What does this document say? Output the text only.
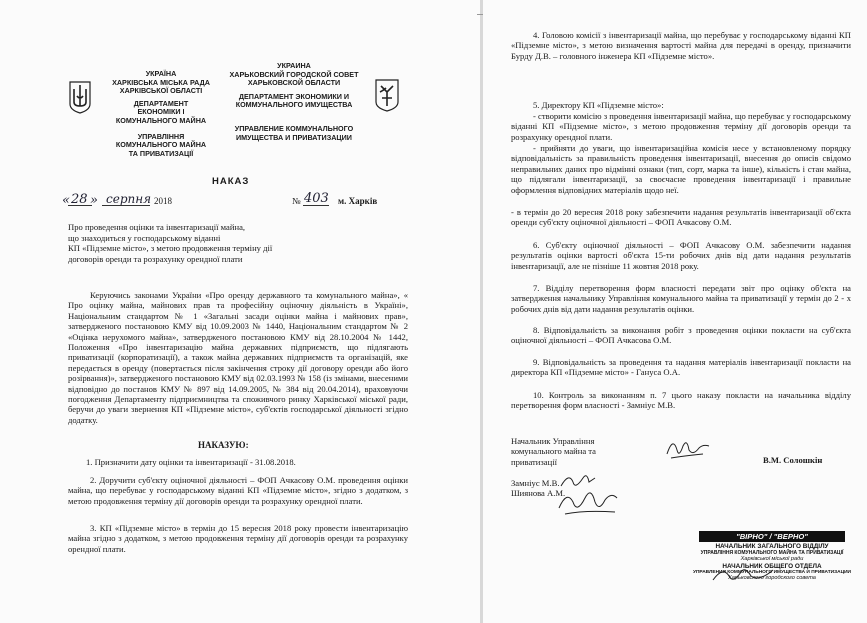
УКРАЇНА
ХАРКІВСЬКА МІСЬКА РАДА
ХАРКІВСЬКОЇ ОБЛАСТІ
ДЕПАРТАМЕНТ
ЕКОНОМІКИ І
КОМУНАЛЬНОГО МАЙНА
УПРАВЛІННЯ
КОМУНАЛЬНОГО МАЙНА
ТА ПРИВАТИЗАЦІЇ
УКРАИНА
ХАРЬКОВСКИЙ ГОРОДСКОЙ СОВЕТ
ХАРЬКОВСКОЙ ОБЛАСТИ
ДЕПАРТАМЕНТ ЭКОНОМИКИ И
КОММУНАЛЬНОГО ИМУЩЕСТВА
УПРАВЛЕНИЕ КОММУНАЛЬНОГО
ИМУЩЕСТВА И ПРИВАТИЗАЦИИ
НАКАЗ
« 28 » серпня 2018	№ 403 м. Харків
Про проведення оцінки та інвентаризації майна,
що знаходиться у господарському віданні
КП «Підземне місто», з метою продовження терміну дії
договорів оренди та розрахунку орендної плати
Керуючись законами України «Про оренду державного та комунального майна», « Про оцінку майна, майнових прав та професійну оціночну діяльність в Україні», Національним стандартом № 1 «Загальні засади оцінки майна і майнових прав», затвердженого постановою КМУ від 10.09.2003 № 1440, Національним стандартом № 2 «Оцінка нерухомого майна», затвердженого постановою КМУ від 28.10.2004 № 1442, Положення «Про інвентаризацію майна державних підприємств, що підлягають приватизації (корпоратизації), а також майна державних підприємств та організацій, яке передається в оренду (повертається після закінчення строку дії договору оренди або його розірвання)», затвердженого постановою КМУ від 02.03.1993 № 158 (із змінами, внесеними відповідно до постанов КМУ № 897 від 14.09.2005, № 384 від 20.04.2014), враховуючи погодження Департаменту підприємництва та споживчого ринку Харківської міської ради, беручи до уваги звернення КП «Підземне місто», суб'єктів господарської діяльності згідно додатку.
НАКАЗУЮ:
1. Призначити дату оцінки та інвентаризації - 31.08.2018.
2. Доручити суб'єкту оціночної діяльності – ФОП Ачкасову О.М. проведення оцінки майна, що перебуває у господарському віданні КП «Підземне місто», згідно з додатком, з метою продовження терміну дії договорів оренди та розрахунку орендної плати.
3. КП «Підземне місто» в термін до 15 вересня 2018 року провести інвентаризацію майна згідно з додатком, з метою продовження терміну дії договорів оренди та розрахунку орендної плати.
4. Головою комісії з інвентаризації майна, що перебуває у господарському віданні КП «Підземне місто», з метою визначення вартості майна для передачі в оренду, призначити Бурду Д.В. – головного інженера КП «Підземне місто».
5. Директору КП «Підземне місто»:
- створити комісію з проведення інвентаризації майна, що перебуває у господарському віданні КП «Підземне місто», з метою продовження терміну дії договорів оренди та розрахунку орендної плати.
- прийняти до уваги, що інвентаризаційна комісія несе у встановленому порядку відповідальність за правильність проведення інвентаризації, внесення до описів свідомо неправильних даних про відмінні ознаки (тип, сорт, марка та інше), кількість і стан майна, що підлягали інвентаризації, за своєчасне проведення інвентаризації і правильне оформлення відповідних матеріалів щодо неї.
- в термін до 20 вересня 2018 року забезпечити надання результатів інвентаризації об'єкта оренди суб'єкту оціночної діяльності – ФОП Ачкасову О.М.
6. Суб'єкту оціночної діяльності – ФОП Ачкасову О.М. забезпечити надання результатів оцінки вартості об'єкта 15-ти робочих днів від дати надання результатів інвентаризації, але не пізніше 11 жовтня 2018 року.
7. Відділу перетворення форм власності передати звіт про оцінку об'єкта на затвердження начальнику Управління комунального майна та приватизації у термін до 2 - х робочих днів від дати надання результатів оцінки.
8. Відповідальність за виконання робіт з проведення оцінки покласти на суб'єкта оціночної діяльності – ФОП Ачкасова О.М.
9. Відповідальність за проведення та надання матеріалів інвентаризації покласти на директора КП «Підземне місто» - Гануса О.А.
10. Контроль за виконанням п. 7 цього наказу покласти на начальника відділу перетворення форм власності - Замніус М.В.
Начальник Управління
комунального майна та
приватизації	В.М. Солошкін
Замніус М.В.
Шиянова А.М.
"ВІРНО" / "ВЕРНО"
НАЧАЛЬНИК ЗАГАЛЬНОГО ВІДДІЛУ
УПРАВЛІННЯ КОМУНАЛЬНОГО МАЙНА ТА ПРИВАТИЗАЦІЇ
Харківської міської ради
НАЧАЛЬНИК ОБЩЕГО ОТДЕЛА
УПРАВЛЕНИЯ КОММУНАЛЬНОГО ИМУЩЕСТВА И ПРИВАТИЗАЦИИ
Харьковского городского совета
